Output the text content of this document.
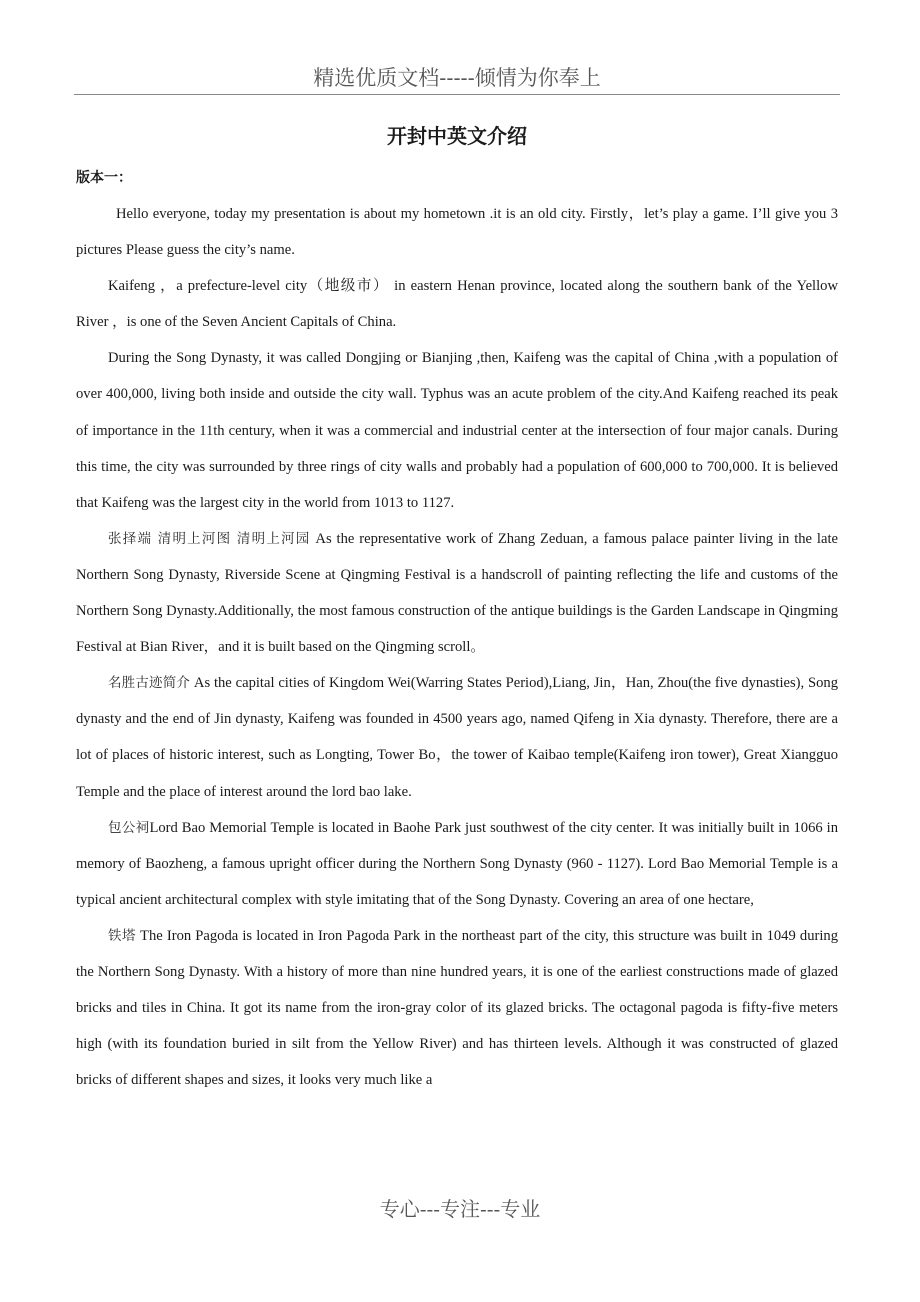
精选优质文档-----倾情为你奉上
开封中英文介绍
版本一：

Hello everyone, today my presentation is about my hometown .it is an old city. Firstly，let’s play a game. I’ll give you 3 pictures Please guess the city’s name.

Kaifeng ，a prefecture-level city（地级市） in eastern Henan province, located along the southern bank of the Yellow River ，is one of the Seven Ancient Capitals of China.

During the Song Dynasty, it was called Dongjing or Bianjing ,then, Kaifeng was the capital of China ,with a population of over 400,000, living both inside and outside the city wall. Typhus was an acute problem of the city.And Kaifeng reached its peak of importance in the 11th century, when it was a commercial and industrial center at the intersection of four major canals. During this time, the city was surrounded by three rings of city walls and probably had a population of 600,000 to 700,000. It is believed that Kaifeng was the largest city in the world from 1013 to 1127.

张择端 清明上河图 清明上河园 As the representative work of Zhang Zeduan, a famous palace painter living in the late Northern Song Dynasty, Riverside Scene at Qingming Festival is a handscroll of painting reflecting the life and customs of the Northern Song Dynasty.Additionally, the most famous construction of the antique buildings is the Garden Landscape in Qingming Festival at Bian River，and it is built based on the Qingming scroll。

名胜古迹简介 As the capital cities of Kingdom Wei(Warring States Period),Liang, Jin，Han, Zhou(the five dynasties), Song dynasty and the end of Jin dynasty, Kaifeng was founded in 4500 years ago, named Qifeng in Xia dynasty. Therefore, there are a lot of places of historic interest, such as Longting, Tower Bo，the tower of Kaibao temple(Kaifeng iron tower), Great Xiangguo Temple and the place of interest around the lord bao lake.

包公祠Lord Bao Memorial Temple is located in Baohe Park just southwest of the city center. It was initially built in 1066 in memory of Baozheng, a famous upright officer during the Northern Song Dynasty (960 - 1127). Lord Bao Memorial Temple is a typical ancient architectural complex with style imitating that of the Song Dynasty. Covering an area of one hectare,

铁塔 The Iron Pagoda is located in Iron Pagoda Park in the northeast part of the city, this structure was built in 1049 during the Northern Song Dynasty. With a history of more than nine hundred years, it is one of the earliest constructions made of glazed bricks and tiles in China. It got its name from the iron-gray color of its glazed bricks. The octagonal pagoda is fifty-five meters high (with its foundation buried in silt from the Yellow River) and has thirteen levels. Although it was constructed of glazed bricks of different shapes and sizes, it looks very much like a

专心---专注---专业
